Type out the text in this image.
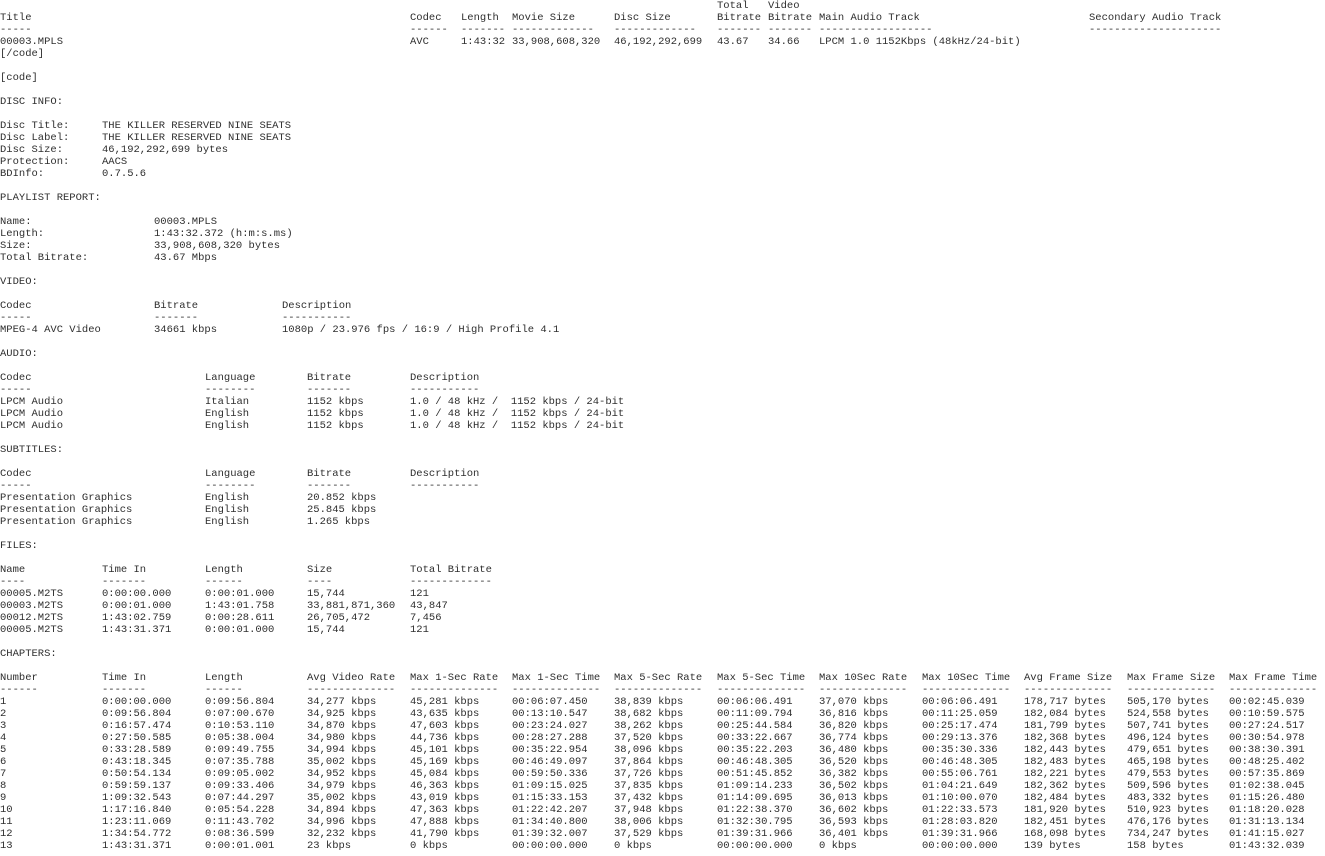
Total Video
Title	Codec Length Movie Size	Disc Size	Bitrate Bitrate Main Audio Track	Secondary Audio Track
-----	------ ------- ------------- ------------- ------- ------- ------------------	---------------------
00003.MPLS	AVC	1:43:32 33,908,608,320 46,192,292,699 43.67 34.66 LPCM 1.0 1152Kbps (48kHz/24-bit)
[/code]
[code]
DISC INFO:
Disc Title:	THE KILLER RESERVED NINE SEATS
Disc Label:	THE KILLER RESERVED NINE SEATS
Disc Size:	46,192,292,699 bytes
Protection:	AACS
BDInfo:	0.7.5.6
PLAYLIST REPORT:
Name:	00003.MPLS
Length:	1:43:32.372 (h:m:s.ms)
Size:	33,908,608,320 bytes
Total Bitrate:	43.67 Mbps
VIDEO:
Codec	Bitrate	Description
-----	-------	-----------
MPEG-4 AVC Video	34661 kbps	1080p / 23.976 fps / 16:9 / High Profile 4.1
AUDIO:
Codec	Language	Bitrate	Description
-----	--------	-------	-----------
LPCM Audio	Italian	1152 kbps	1.0 / 48 kHz /  1152 kbps / 24-bit
LPCM Audio	English	1152 kbps	1.0 / 48 kHz /  1152 kbps / 24-bit
LPCM Audio	English	1152 kbps	1.0 / 48 kHz /  1152 kbps / 24-bit
SUBTITLES:
Codec	Language	Bitrate	Description
-----	--------	-------	-----------
Presentation Graphics	English	20.852 kbps
Presentation Graphics	English	25.845 kbps
Presentation Graphics	English	1.265 kbps
FILES:
Name	Time In	Length	Size	Total Bitrate
----	-------	------	----	-------------
00005.M2TS	0:00:00.000	0:00:01.000	15,744	121
00003.M2TS	0:00:01.000	1:43:01.758	33,881,871,360 43,847
00012.M2TS	1:43:02.759	0:00:28.611	26,705,472	7,456
00005.M2TS	1:43:31.371	0:00:01.000	15,744	121
CHAPTERS:
Number	Time In	Length	Avg Video Rate Max 1-Sec Rate Max 1-Sec Time Max 5-Sec Rate Max 5-Sec Time Max 10Sec Rate Max 10Sec Time Avg Frame Size Max Frame Size Max Frame Time
------	-------	------	-------------- -------------- -------------- -------------- -------------- -------------- -------------- -------------- -------------- --------------
1	0:00:00.000	0:09:56.804	34,277 kbps	45,281 kbps	00:06:07.450	38,839 kbps	00:06:06.491	37,070 kbps	00:06:06.491	178,717 bytes 505,170 bytes 00:02:45.039
2	0:09:56.804	0:07:00.670	34,925 kbps	43,635 kbps	00:13:10.547	38,682 kbps	00:11:09.794	36,816 kbps	00:11:25.059	182,084 bytes 524,558 bytes 00:10:59.575
3	0:16:57.474	0:10:53.110	34,870 kbps	47,603 kbps	00:23:24.027	38,262 kbps	00:25:44.584	36,820 kbps	00:25:17.474	181,799 bytes 507,741 bytes 00:27:24.517
4	0:27:50.585	0:05:38.004	34,980 kbps	44,736 kbps	00:28:27.288	37,520 kbps	00:33:22.667	36,774 kbps	00:29:13.376	182,368 bytes 496,124 bytes 00:30:54.978
5	0:33:28.589	0:09:49.755	34,994 kbps	45,101 kbps	00:35:22.954	38,096 kbps	00:35:22.203	36,480 kbps	00:35:30.336	182,443 bytes 479,651 bytes 00:38:30.391
6	0:43:18.345	0:07:35.788	35,002 kbps	45,169 kbps	00:46:49.097	37,864 kbps	00:46:48.305	36,520 kbps	00:46:48.305	182,483 bytes 465,198 bytes 00:48:25.402
7	0:50:54.134	0:09:05.002	34,952 kbps	45,084 kbps	00:59:50.336	37,726 kbps	00:51:45.852	36,382 kbps	00:55:06.761	182,221 bytes 479,553 bytes 00:57:35.869
8	0:59:59.137	0:09:33.406	34,979 kbps	46,363 kbps	01:09:15.025	37,835 kbps	01:09:14.233	36,502 kbps	01:04:21.649	182,362 bytes 509,596 bytes 01:02:38.045
9	1:09:32.543	0:07:44.297	35,002 kbps	43,019 kbps	01:15:33.153	37,432 kbps	01:14:09.695	36,013 kbps	01:10:00.070	182,484 bytes 483,332 bytes 01:15:26.480
10	1:17:16.840	0:05:54.228	34,894 kbps	47,363 kbps	01:22:42.207	37,948 kbps	01:22:38.370	36,602 kbps	01:22:33.573	181,920 bytes 510,923 bytes 01:18:20.028
11	1:23:11.069	0:11:43.702	34,996 kbps	47,888 kbps	01:34:40.800	38,006 kbps	01:32:30.795	36,593 kbps	01:28:03.820	182,451 bytes 476,176 bytes 01:31:13.134
12	1:34:54.772	0:08:36.599	32,232 kbps	41,790 kbps	01:39:32.007	37,529 kbps	01:39:31.966	36,401 kbps	01:39:31.966	168,098 bytes 734,247 bytes 01:41:15.027
13	1:43:31.371	0:00:01.001	23 kbps	0 kbps	00:00:00.000	0 kbps	00:00:00.000	0 kbps	00:00:00.000	139 bytes	158 bytes	01:43:32.039
